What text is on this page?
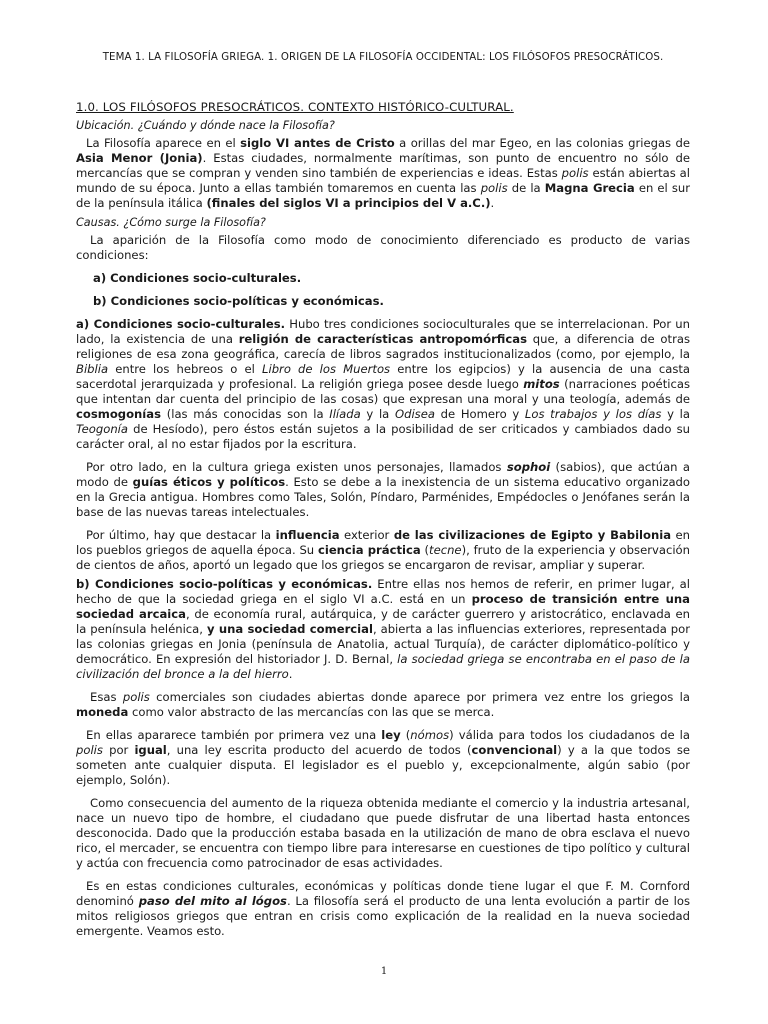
TEMA 1. LA FILOSOFÍA GRIEGA. 1. ORIGEN DE LA FILOSOFÍA OCCIDENTAL: LOS FILÓSOFOS PRESOCRÁTICOS.
1.0. LOS FILÓSOFOS PRESOCRÁTICOS. CONTEXTO HISTÓRICO-CULTURAL.
Ubicación. ¿Cuándo y dónde nace la Filosofía?

La Filosofía aparece en el siglo VI antes de Cristo a orillas del mar Egeo, en las colonias griegas de Asia Menor (Jonia). Estas ciudades, normalmente marítimas, son punto de encuentro no sólo de mercancías que se compran y venden sino también de experiencias e ideas. Estas polis están abiertas al mundo de su época. Junto a ellas también tomaremos en cuenta las polis de la Magna Grecia en el sur de la península itálica (finales del siglos VI a principios del V a.C.).

Causas. ¿Cómo surge la Filosofía?

La aparición de la Filosofía como modo de conocimiento diferenciado es producto de varias condiciones:

a) Condiciones socio-culturales.
b) Condiciones socio-políticas y económicas.

a) Condiciones socio-culturales. Hubo tres condiciones socioculturales que se interrelacionan. Por un lado, la existencia de una religión de características antropomórficas que, a diferencia de otras religiones de esa zona geográfica, carecía de libros sagrados institucionalizados (como, por ejemplo, la Biblia entre los hebreos o el Libro de los Muertos entre los egipcios) y la ausencia de una casta sacerdotal jerarquizada y profesional. La religión griega posee desde luego mitos (narraciones poéticas que intentan dar cuenta del principio de las cosas) que expresan una moral y una teología, además de cosmogonías (las más conocidas son la Ilíada y la Odisea de Homero y Los trabajos y los días y la Teogonía de Hesíodo), pero éstos están sujetos a la posibilidad de ser criticados y cambiados dado su carácter oral, al no estar fijados por la escritura.

Por otro lado, en la cultura griega existen unos personajes, llamados sophoi (sabios), que actúan a modo de guías éticos y políticos. Esto se debe a la inexistencia de un sistema educativo organizado en la Grecia antigua. Hombres como Tales, Solón, Píndaro, Parménides, Empédocles o Jenófanes serán la base de las nuevas tareas intelectuales.

Por último, hay que destacar la influencia exterior de las civilizaciones de Egipto y Babilonia en los pueblos griegos de aquella época. Su ciencia práctica (tecne), fruto de la experiencia y observación de cientos de años, aportó un legado que los griegos se encargaron de revisar, ampliar y superar.

b) Condiciones socio-políticas y económicas. Entre ellas nos hemos de referir, en primer lugar, al hecho de que la sociedad griega en el siglo VI a.C. está en un proceso de transición entre una sociedad arcaica, de economía rural, autárquica, y de carácter guerrero y aristocrático, enclavada en la península helénica, y una sociedad comercial, abierta a las influencias exteriores, representada por las colonias griegas en Jonia (península de Anatolia, actual Turquía), de carácter diplomático-político y democrático. En expresión del historiador J. D. Bernal, la sociedad griega se encontraba en el paso de la civilización del bronce a la del hierro.

Esas polis comerciales son ciudades abiertas donde aparece por primera vez entre los griegos la moneda como valor abstracto de las mercancías con las que se merca.

En ellas apararece también por primera vez una ley (nómos) válida para todos los ciudadanos de la polis por igual, una ley escrita producto del acuerdo de todos (convencional) y a la que todos se someten ante cualquier disputa. El legislador es el pueblo y, excepcionalmente, algún sabio (por ejemplo, Solón).

Como consecuencia del aumento de la riqueza obtenida mediante el comercio y la industria artesanal, nace un nuevo tipo de hombre, el ciudadano que puede disfrutar de una libertad hasta entonces desconocida. Dado que la producción estaba basada en la utilización de mano de obra esclava el nuevo rico, el mercader, se encuentra con tiempo libre para interesarse en cuestiones de tipo político y cultural y actúa con frecuencia como patrocinador de esas actividades.

Es en estas condiciones culturales, económicas y políticas donde tiene lugar el que F. M. Cornford denominó paso del mito al lógos. La filosofía será el producto de una lenta evolución a partir de los mitos religiosos griegos que entran en crisis como explicación de la realidad en la nueva sociedad emergente. Veamos esto.

1
